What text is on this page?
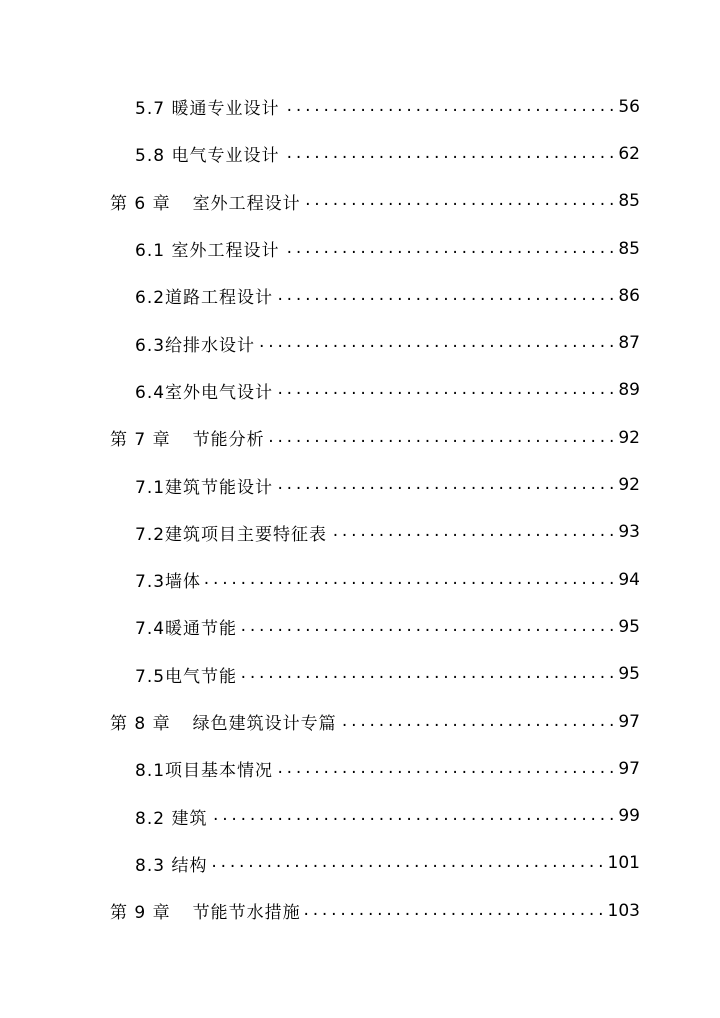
5.7 暖通专业设计 . . .	56
5.8 电气专业设计 . . .	62
第 6 章 室外工程设计 . . .	85
6.1 室外工程设计 . . .	85
6.2道路工程设计 . . .	86
6.3给排水设计 . . .	87
6.4室外电气设计 . . .	89
第 7 章 节能分析 . . .	92
7.1建筑节能设计 . . .	92
7.2建筑项目主要特征表 . . .	93
7.3墙体 . . .	94
7.4暖通节能 . . .	95
7.5电气节能 . . .	95
第 8 章 绿色建筑设计专篇 . . .	97
8.1项目基本情况 . . .	97
8.2 建筑 . . .	99
8.3 结构 . . .	101
第 9 章 节能节水措施 . . .	103
